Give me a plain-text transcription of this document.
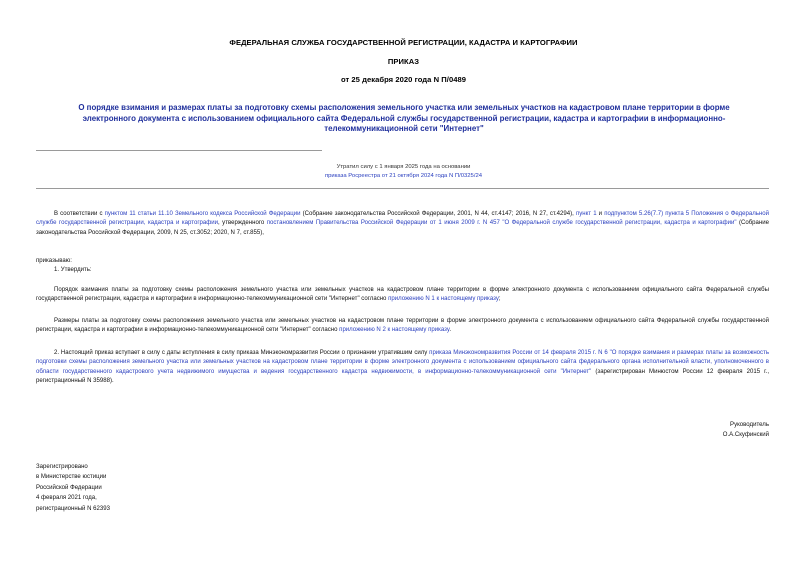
ФЕДЕРАЛЬНАЯ СЛУЖБА ГОСУДАРСТВЕННОЙ РЕГИСТРАЦИИ, КАДАСТРА И КАРТОГРАФИИ
ПРИКАЗ
от 25 декабря 2020 года N П/0489
О порядке взимания и размерах платы за подготовку схемы расположения земельного участка или земельных участков на кадастровом плане территории в форме
электронного документа с использованием официального сайта Федеральной службы государственной регистрации, кадастра и картографии в информационно-
телекоммуникационной сети "Интернет"
Утратил силу с 1 января 2025 года на основании
приказа Росреестра от 21 октября 2024 года N П/0325/24
В соответствии с пунктом 11 статьи 11.10 Земельного кодекса Российской Федерации (Собрание законодательства Российской Федерации, 2001, N 44, ст.4147; 2016, N 27, ст.4294), пункт 1 и подпунктом 5.26(7.7) пункта 5 Положения о Федеральной службе государственной регистрации, кадастра и картографии, утвержденного постановлением Правительства Российской Федерации от 1 июня 2009 г. N 457 "О Федеральной службе государственной регистрации, кадастра и картографии" (Собрание законодательства Российской Федерации, 2009, N 25, ст.3052; 2020, N 7, ст.855),
приказываю:
1. Утвердить:
Порядок взимания платы за подготовку схемы расположения земельного участка или земельных участков на кадастровом плане территории в форме электронного документа с использованием официального сайта Федеральной службы государственной регистрации, кадастра и картографии в информационно-телекоммуникационной сети "Интернет" согласно приложению N 1 к настоящему приказу;
Размеры платы за подготовку схемы расположения земельного участка или земельных участков на кадастровом плане территории в форме электронного документа с использованием официального сайта Федеральной службы государственной регистрации, кадастра и картографии в информационно-телекоммуникационной сети "Интернет" согласно приложению N 2 к настоящему приказу.
2. Настоящий приказ вступает в силу с даты вступления в силу приказа Минэкономразвития России о признании утратившим силу приказа Минэкономразвития России от 14 февраля 2015 г. N 6 "О порядке взимания и размерах платы за возможность подготовки схемы расположения земельного участка или земельных участков на кадастровом плане территории в форме электронного документа с использованием официального сайта федерального органа исполнительной власти, уполномоченного в области государственного кадастрового учета недвижимого имущества и ведения государственного кадастра недвижимости, в информационно-телекоммуникационной сети "Интернет" (зарегистрирован Минюстом России 12 февраля 2015 г., регистрационный N 35988).
Руководитель
О.А.Скуфинский
Зарегистрировано
в Министерстве юстиции
Российской Федерации
4 февраля 2021 года,
регистрационный N 62393
